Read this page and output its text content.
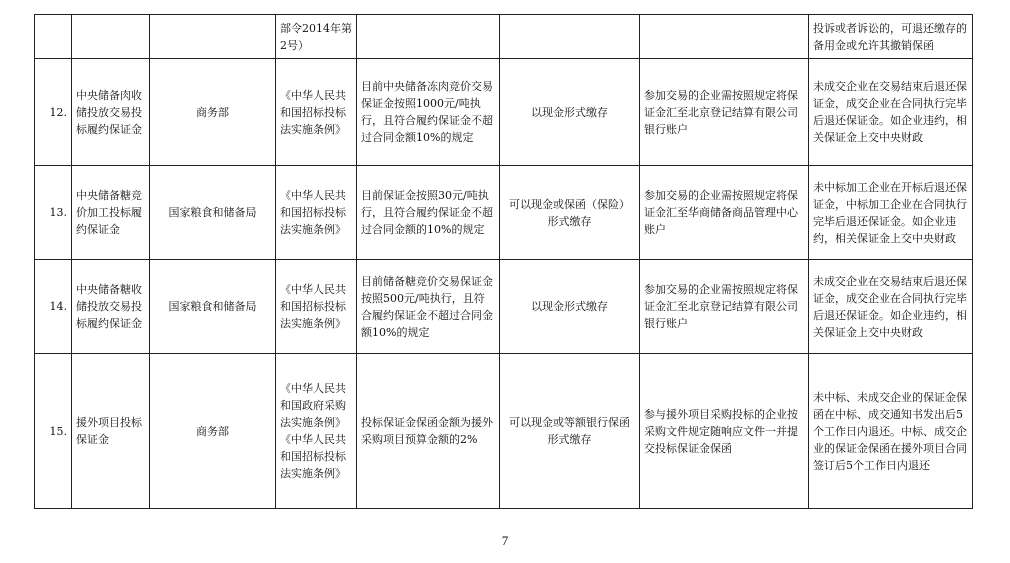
			部令2014年第2号）				投诉或者诉讼的，可退还缴存的备用金或允许其撤销保函
12.	中央储备肉收储投放交易投标履约保证金	商务部	《中华人民共和国招标投标法实施条例》	目前中央储备冻肉竞价交易保证金按照1000元/吨执行，且符合履约保证金不超过合同金额10%的规定	以现金形式缴存	参加交易的企业需按照规定将保证金汇至北京登记结算有限公司银行账户	未成交企业在交易结束后退还保证金，成交企业在合同执行完毕后退还保证金。如企业违约，相关保证金上交中央财政
13.	中央储备糖竞价加工投标履约保证金	国家粮食和储备局	《中华人民共和国招标投标法实施条例》	目前保证金按照30元/吨执行，且符合履约保证金不超过合同金额的10%的规定	可以现金或保函（保险）形式缴存	参加交易的企业需按照规定将保证金汇至华商储备商品管理中心账户	未中标加工企业在开标后退还保证金，中标加工企业在合同执行完毕后退还保证金。如企业违约，相关保证金上交中央财政
14.	中央储备糖收储投放交易投标履约保证金	国家粮食和储备局	《中华人民共和国招标投标法实施条例》	目前储备糖竞价交易保证金按照500元/吨执行，且符合履约保证金不超过合同金额10%的规定	以现金形式缴存	参加交易的企业需按照规定将保证金汇至北京登记结算有限公司银行账户	未成交企业在交易结束后退还保证金，成交企业在合同执行完毕后退还保证金。如企业违约，相关保证金上交中央财政
15.	援外项目投标保证金	商务部	《中华人民共和国政府采购法实施条例》《中华人民共和国招标投标法实施条例》	投标保证金保函金额为援外采购项目预算金额的2%	可以现金或等额银行保函形式缴存	参与援外项目采购投标的企业按采购文件规定随响应文件一并提交投标保证金保函	未中标、未成交企业的保证金保函在中标、成交通知书发出后5个工作日内退还。中标、成交企业的保证金保函在援外项目合同签订后5个工作日内退还
7
